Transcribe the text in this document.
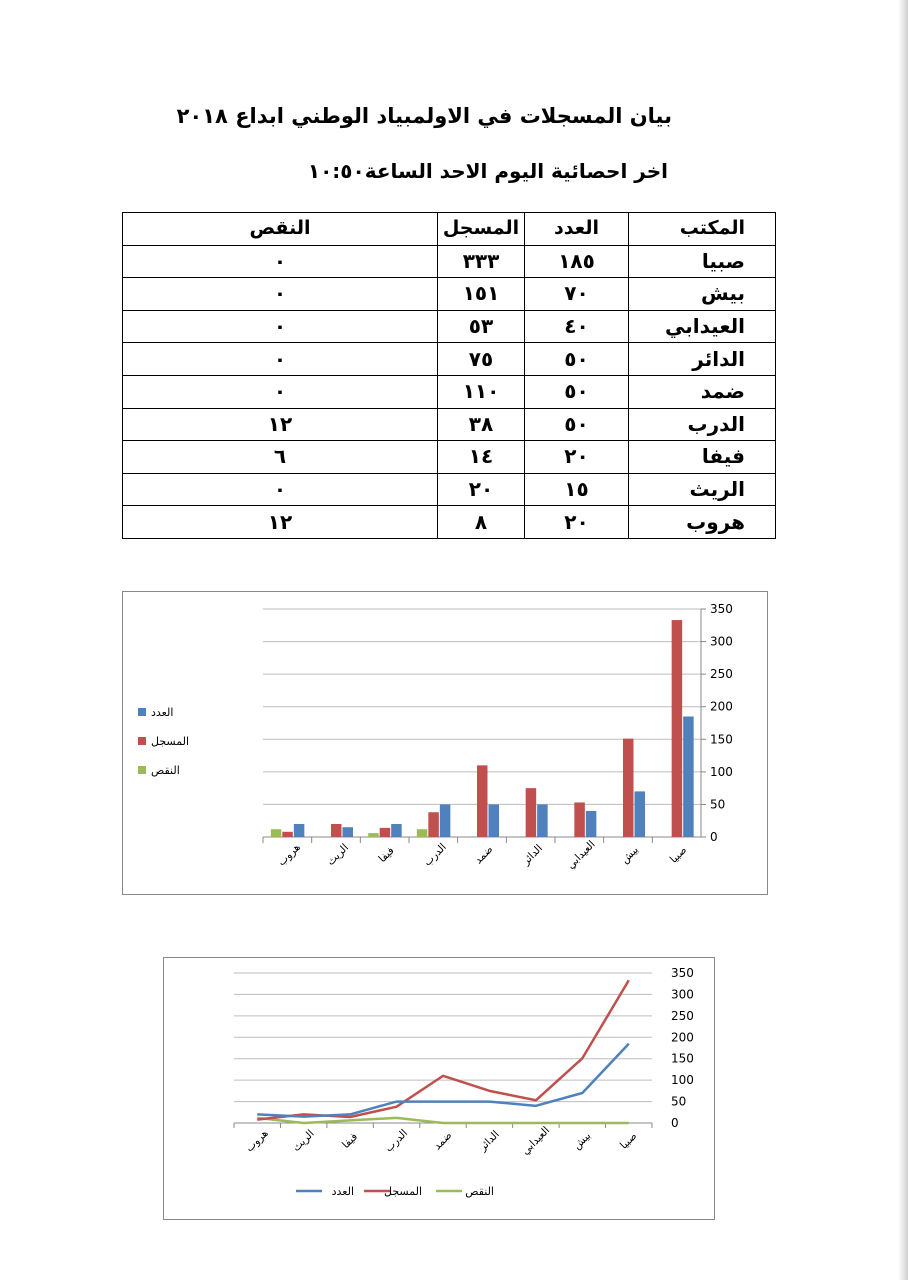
بيان المسجلات في الاولمبياد الوطني ابداع ٢٠١٨
اخر احصائية اليوم الاحد الساعة١٠:٥٠
المكتب	العدد	المسجل	النقص
صبيا	١٨٥	٣٣٣	٠
بيش	٧٠	١٥١	٠
العيدابي	٤٠	٥٣	٠
الدائر	٥٠	٧٥	٠
ضمد	٥٠	١١٠	٠
الدرب	٥٠	٣٨	١٢
فيفا	٢٠	١٤	٦
الريث	١٥	٢٠	٠
هروب	٢٠	٨	١٢
0
50
100
150
200
250
300
350
صبيا
بيش
العيدابي
الدائر
ضمد
الدرب
فيفا
الريث
هروب
العدد
المسجل
النقص
0
50
100
150
200
250
300
350
صبيا
بيش
العيدابي
الدائر
ضمد
الدرب
فيفا
الريث
هروب
العدد	المسجل	النقص
